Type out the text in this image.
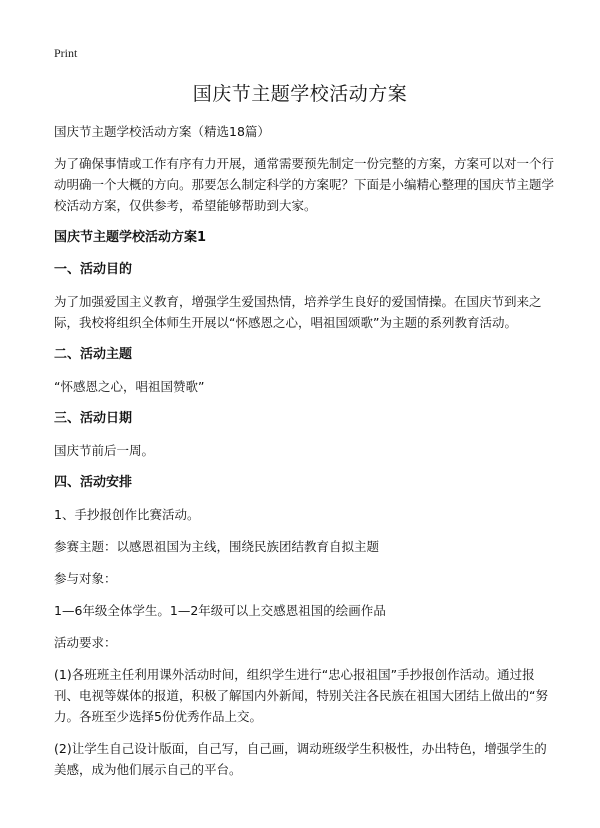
Print
国庆节主题学校活动方案

国庆节主题学校活动方案（精选18篇）

为了确保事情或工作有序有力开展，通常需要预先制定一份完整的方案，方案可以对一个行动明确一个大概的方向。那要怎么制定科学的方案呢？下面是小编精心整理的国庆节主题学校活动方案，仅供参考，希望能够帮助到大家。

国庆节主题学校活动方案1
一、活动目的

为了加强爱国主义教育，增强学生爱国热情，培养学生良好的爱国情操。在国庆节到来之际，我校将组织全体师生开展以“怀感恩之心，唱祖国颂歌”为主题的系列教育活动。

二、活动主题

“怀感恩之心，唱祖国赞歌”

三、活动日期

国庆节前后一周。

四、活动安排

1、手抄报创作比赛活动。

参赛主题：以感恩祖国为主线，围绕民族团结教育自拟主题

参与对象：

1—6年级全体学生。1—2年级可以上交感恩祖国的绘画作品

活动要求：

(1)各班班主任利用课外活动时间，组织学生进行“忠心报祖国”手抄报创作活动。通过报刊、电视等媒体的报道，积极了解国内外新闻，特别关注各民族在祖国大团结上做出的“努力。各班至少选择5份优秀作品上交。

(2)让学生自己设计版面，自己写，自己画，调动班级学生积极性，办出特色，增强学生的美感，成为他们展示自己的平台。
